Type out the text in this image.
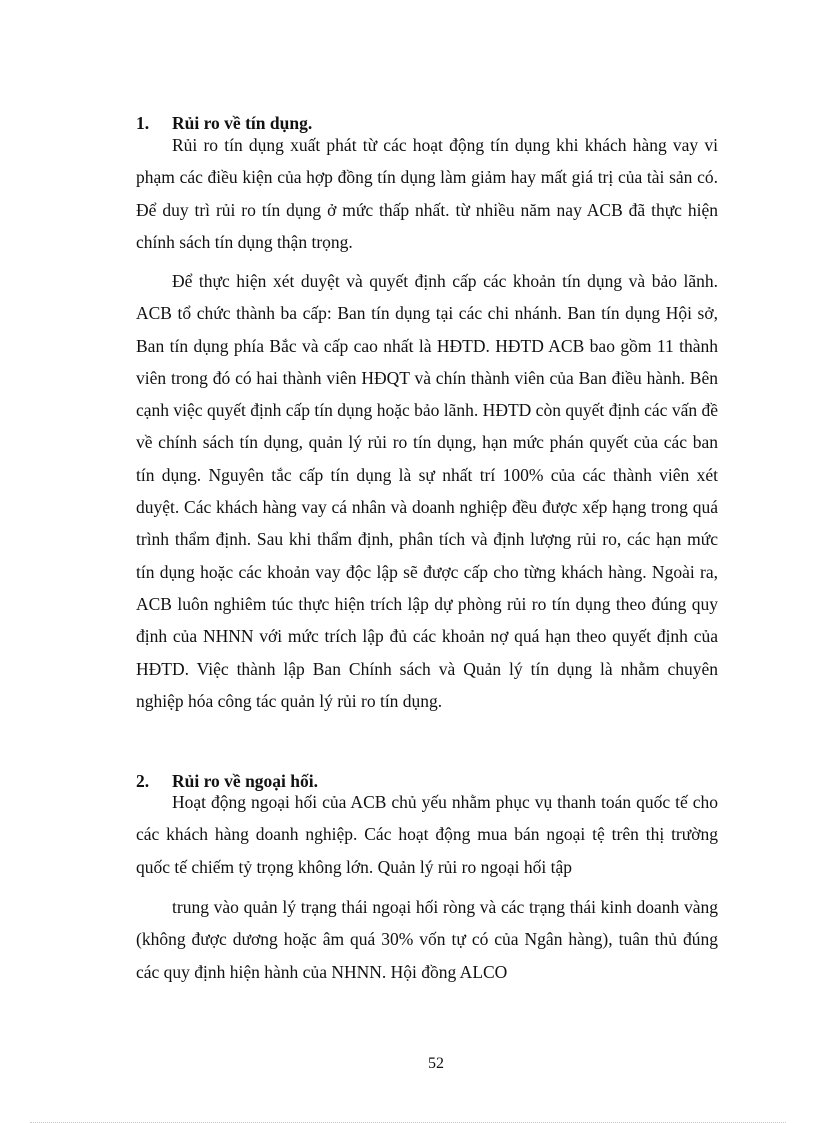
1. Rủi ro về tín dụng.

Rủi ro tín dụng xuất phát từ các hoạt động tín dụng khi khách hàng vay vi phạm các điều kiện của hợp đồng tín dụng làm giảm hay mất giá trị của tài sản có. Để duy trì rủi ro tín dụng ở mức thấp nhất. từ nhiều năm nay ACB đã thực hiện chính sách tín dụng thận trọng.

Để thực hiện xét duyệt và quyết định cấp các khoản tín dụng và bảo lãnh. ACB tổ chức thành ba cấp: Ban tín dụng tại các chi nhánh. Ban tín dụng Hội sở, Ban tín dụng phía Bắc và cấp cao nhất là HĐTD. HĐTD ACB bao gồm 11 thành viên trong đó có hai thành viên HĐQT và chín thành viên của Ban điều hành. Bên cạnh việc quyết định cấp tín dụng hoặc bảo lãnh. HĐTD còn quyết định các vấn đề về chính sách tín dụng, quản lý rủi ro tín dụng, hạn mức phán quyết của các ban tín dụng. Nguyên tắc cấp tín dụng là sự nhất trí 100% của các thành viên xét duyệt. Các khách hàng vay cá nhân và doanh nghiệp đều được xếp hạng trong quá trình thẩm định. Sau khi thẩm định, phân tích và định lượng rủi ro, các hạn mức tín dụng hoặc các khoản vay độc lập sẽ được cấp cho từng khách hàng. Ngoài ra, ACB luôn nghiêm túc thực hiện trích lập dự phòng rủi ro tín dụng theo đúng quy định của NHNN với mức trích lập đủ các khoản nợ quá hạn theo quyết định của HĐTD. Việc thành lập Ban Chính sách và Quản lý tín dụng là nhằm chuyên nghiệp hóa công tác quản lý rủi ro tín dụng.

2. Rủi ro về ngoại hối.

Hoạt động ngoại hối của ACB chủ yếu nhằm phục vụ thanh toán quốc tế cho các khách hàng doanh nghiệp. Các hoạt động mua bán ngoại tệ trên thị trường quốc tế chiếm tỷ trọng không lớn. Quản lý rủi ro ngoại hối tập

trung vào quản lý trạng thái ngoại hối ròng và các trạng thái kinh doanh vàng (không được dương hoặc âm quá 30% vốn tự có của Ngân hàng), tuân thủ đúng các quy định hiện hành của NHNN. Hội đồng ALCO

52
